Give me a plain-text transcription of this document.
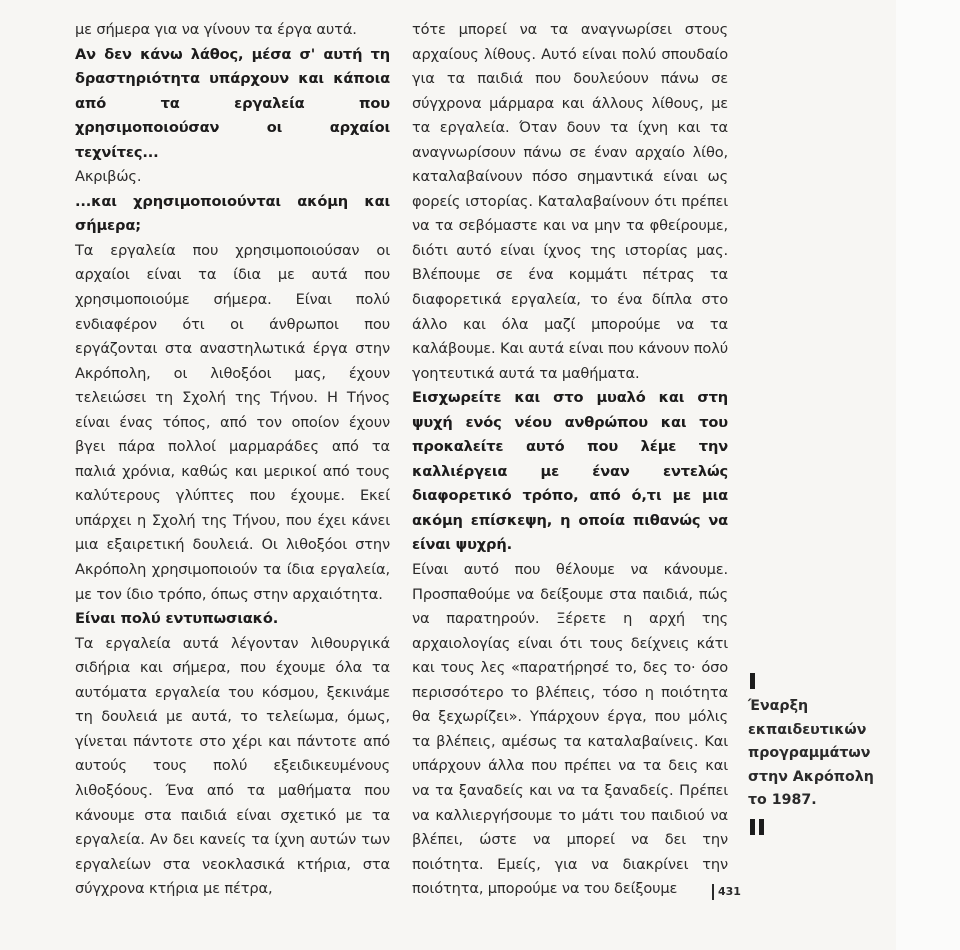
με σήμερα για να γίνουν τα έργα αυτά.

Αν δεν κάνω λάθος, μέσα σ' αυτή τη δραστηριότητα υπάρχουν και κάποια από τα εργαλεία που χρησιμοποιούσαν οι αρχαίοι τεχνίτες...

Ακριβώς.

...και χρησιμοποιούνται ακόμη και σήμερα;

Τα εργαλεία που χρησιμοποιούσαν οι αρχαίοι είναι τα ίδια με αυτά που χρησιμοποιούμε σήμερα. Είναι πολύ ενδιαφέρον ότι οι άνθρωποι που εργάζονται στα αναστηλωτικά έργα στην Ακρόπολη, οι λιθοξόοι μας, έχουν τελειώσει τη Σχολή της Τήνου. Η Τήνος είναι ένας τόπος, από τον οποίον έχουν βγει πάρα πολλοί μαρμαράδες από τα παλιά χρόνια, καθώς και μερικοί από τους καλύτερους γλύπτες που έχουμε. Εκεί υπάρχει η Σχολή της Τήνου, που έχει κάνει μια εξαιρετική δουλειά. Οι λιθοξόοι στην Ακρόπολη χρησιμοποιούν τα ίδια εργαλεία, με τον ίδιο τρόπο, όπως στην αρχαιότητα.

Είναι πολύ εντυπωσιακό.

Τα εργαλεία αυτά λέγονταν λιθουργικά σιδήρια και σήμερα, που έχουμε όλα τα αυτόματα εργαλεία του κόσμου, ξεκινάμε τη δουλειά με αυτά, το τελείωμα, όμως, γίνεται πάντοτε στο χέρι και πάντοτε από αυτούς τους πολύ εξειδικευμένους λιθοξόους. Ένα από τα μαθήματα που κάνουμε στα παιδιά είναι σχετικό με τα εργαλεία. Αν δει κανείς τα ίχνη αυτών των εργαλείων στα νεοκλασικά κτήρια, στα σύγχρονα κτήρια με πέτρα,

τότε μπορεί να τα αναγνωρίσει στους αρχαίους λίθους. Αυτό είναι πολύ σπουδαίο για τα παιδιά που δουλεύουν πάνω σε σύγχρονα μάρμαρα και άλλους λίθους, με τα εργαλεία. Όταν δουν τα ίχνη και τα αναγνωρίσουν πάνω σε έναν αρχαίο λίθο, καταλαβαίνουν πόσο σημαντικά είναι ως φορείς ιστορίας. Καταλαβαίνουν ότι πρέπει να τα σεβόμαστε και να μην τα φθείρουμε, διότι αυτό είναι ίχνος της ιστορίας μας. Βλέπουμε σε ένα κομμάτι πέτρας τα διαφορετικά εργαλεία, το ένα δίπλα στο άλλο και όλα μαζί μπορούμε να τα καλάβουμε. Και αυτά είναι που κάνουν πολύ γοητευτικά αυτά τα μαθήματα.

Εισχωρείτε και στο μυαλό και στη ψυχή ενός νέου ανθρώπου και του προκαλείτε αυτό που λέμε την καλλιέργεια με έναν εντελώς διαφορετικό τρόπο, από ό,τι με μια ακόμη επίσκεψη, η οποία πιθανώς να είναι ψυχρή.

Είναι αυτό που θέλουμε να κάνουμε. Προσπαθούμε να δείξουμε στα παιδιά, πώς να παρατηρούν. Ξέρετε η αρχή της αρχαιολογίας είναι ότι τους δείχνεις κάτι και τους λες «παρατήρησέ το, δες το· όσο περισσότερο το βλέπεις, τόσο η ποιότητα θα ξεχωρίζει». Υπάρχουν έργα, που μόλις τα βλέπεις, αμέσως τα καταλαβαίνεις. Και υπάρχουν άλλα που πρέπει να τα δεις και να τα ξαναδείς και να τα ξαναδείς. Πρέπει να καλλιεργήσουμε το μάτι του παιδιού να βλέπει, ώστε να μπορεί να δει την ποιότητα. Εμείς, για να διακρίνει την ποιότητα, μπορούμε να του δείξουμε

Έναρξη εκπαιδευτικών προγραμμάτων στην Ακρόπολη το 1987.
431
